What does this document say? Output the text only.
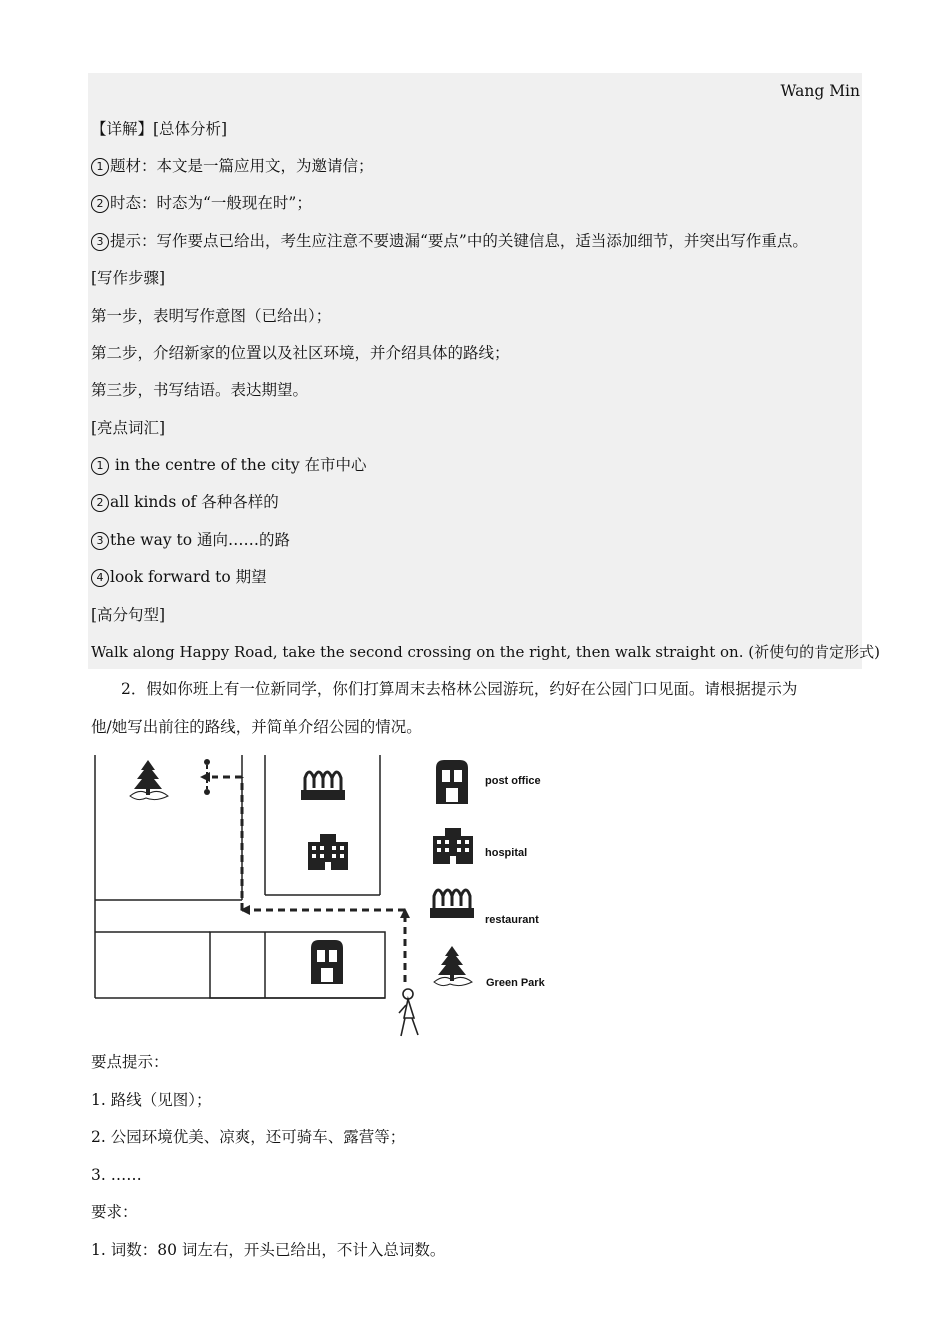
Wang Min
【详解】[总体分析]
1 题材：本文是一篇应用文，为邀请信；
2 时态：时态为“一般现在时”；
3 提示：写作要点已给出，考生应注意不要遗漏“要点”中的关键信息，适当添加细节，并突出写作重点。
[写作步骤]
第一步，表明写作意图（已给出）；
第二步，介绍新家的位置以及社区环境，并介绍具体的路线；
第三步，书写结语。表达期望。
[亮点词汇]
1 in the centre of the city 在市中心
2 all kinds of 各种各样的
3 the way to 通向……的路
4 look forward to 期望
[高分句型]
Walk along Happy Road, take the second crossing on the right, then walk straight on. (祈使句的肯定形式)
2．假如你班上有一位新同学，你们打算周末去格林公园游玩，约好在公园门口见面。请根据提示为
他/她写出前往的路线，并简单介绍公园的情况。
post office
hospital
restaurant
Green Park
要点提示：
1. 路线（见图）；
2. 公园环境优美、凉爽，还可骑车、露营等；
3. ……
要求：
1. 词数：80 词左右，开头已给出，不计入总词数。
